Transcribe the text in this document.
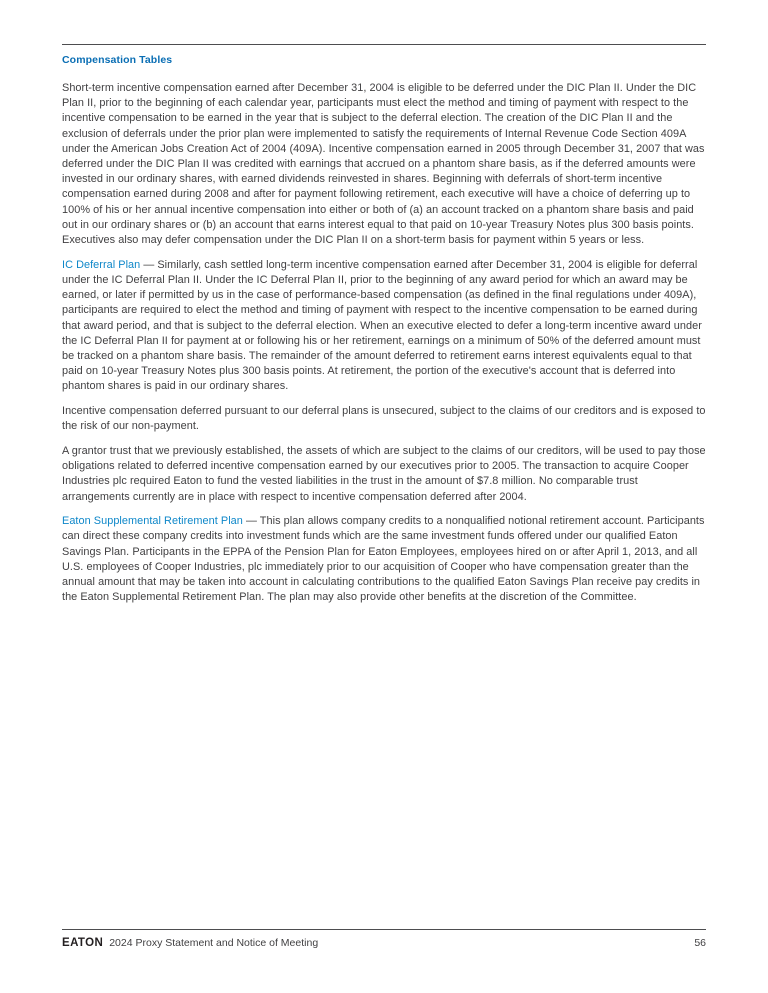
Compensation Tables

Short-term incentive compensation earned after December 31, 2004 is eligible to be deferred under the DIC Plan II. Under the DIC Plan II, prior to the beginning of each calendar year, participants must elect the method and timing of payment with respect to the incentive compensation to be earned in the year that is subject to the deferral election. The creation of the DIC Plan II and the exclusion of deferrals under the prior plan were implemented to satisfy the requirements of Internal Revenue Code Section 409A under the American Jobs Creation Act of 2004 (409A). Incentive compensation earned in 2005 through December 31, 2007 that was deferred under the DIC Plan II was credited with earnings that accrued on a phantom share basis, as if the deferred amounts were invested in our ordinary shares, with earned dividends reinvested in shares. Beginning with deferrals of short-term incentive compensation earned during 2008 and after for payment following retirement, each executive will have a choice of deferring up to 100% of his or her annual incentive compensation into either or both of (a) an account tracked on a phantom share basis and paid out in our ordinary shares or (b) an account that earns interest equal to that paid on 10-year Treasury Notes plus 300 basis points. Executives also may defer compensation under the DIC Plan II on a short-term basis for payment within 5 years or less.

IC Deferral Plan — Similarly, cash settled long-term incentive compensation earned after December 31, 2004 is eligible for deferral under the IC Deferral Plan II. Under the IC Deferral Plan II, prior to the beginning of any award period for which an award may be earned, or later if permitted by us in the case of performance-based compensation (as defined in the final regulations under 409A), participants are required to elect the method and timing of payment with respect to the incentive compensation to be earned during that award period, and that is subject to the deferral election. When an executive elected to defer a long-term incentive award under the IC Deferral Plan II for payment at or following his or her retirement, earnings on a minimum of 50% of the deferred amount must be tracked on a phantom share basis. The remainder of the amount deferred to retirement earns interest equivalents equal to that paid on 10-year Treasury Notes plus 300 basis points. At retirement, the portion of the executive's account that is deferred into phantom shares is paid in our ordinary shares.

Incentive compensation deferred pursuant to our deferral plans is unsecured, subject to the claims of our creditors and is exposed to the risk of our non-payment.

A grantor trust that we previously established, the assets of which are subject to the claims of our creditors, will be used to pay those obligations related to deferred incentive compensation earned by our executives prior to 2005. The transaction to acquire Cooper Industries plc required Eaton to fund the vested liabilities in the trust in the amount of $7.8 million. No comparable trust arrangements currently are in place with respect to incentive compensation deferred after 2004.

Eaton Supplemental Retirement Plan — This plan allows company credits to a nonqualified notional retirement account. Participants can direct these company credits into investment funds which are the same investment funds offered under our qualified Eaton Savings Plan. Participants in the EPPA of the Pension Plan for Eaton Employees, employees hired on or after April 1, 2013, and all U.S. employees of Cooper Industries, plc immediately prior to our acquisition of Cooper who have compensation greater than the annual amount that may be taken into account in calculating contributions to the qualified Eaton Savings Plan receive pay credits in the Eaton Supplemental Retirement Plan. The plan may also provide other benefits at the discretion of the Committee.

EATON 2024 Proxy Statement and Notice of Meeting	56
